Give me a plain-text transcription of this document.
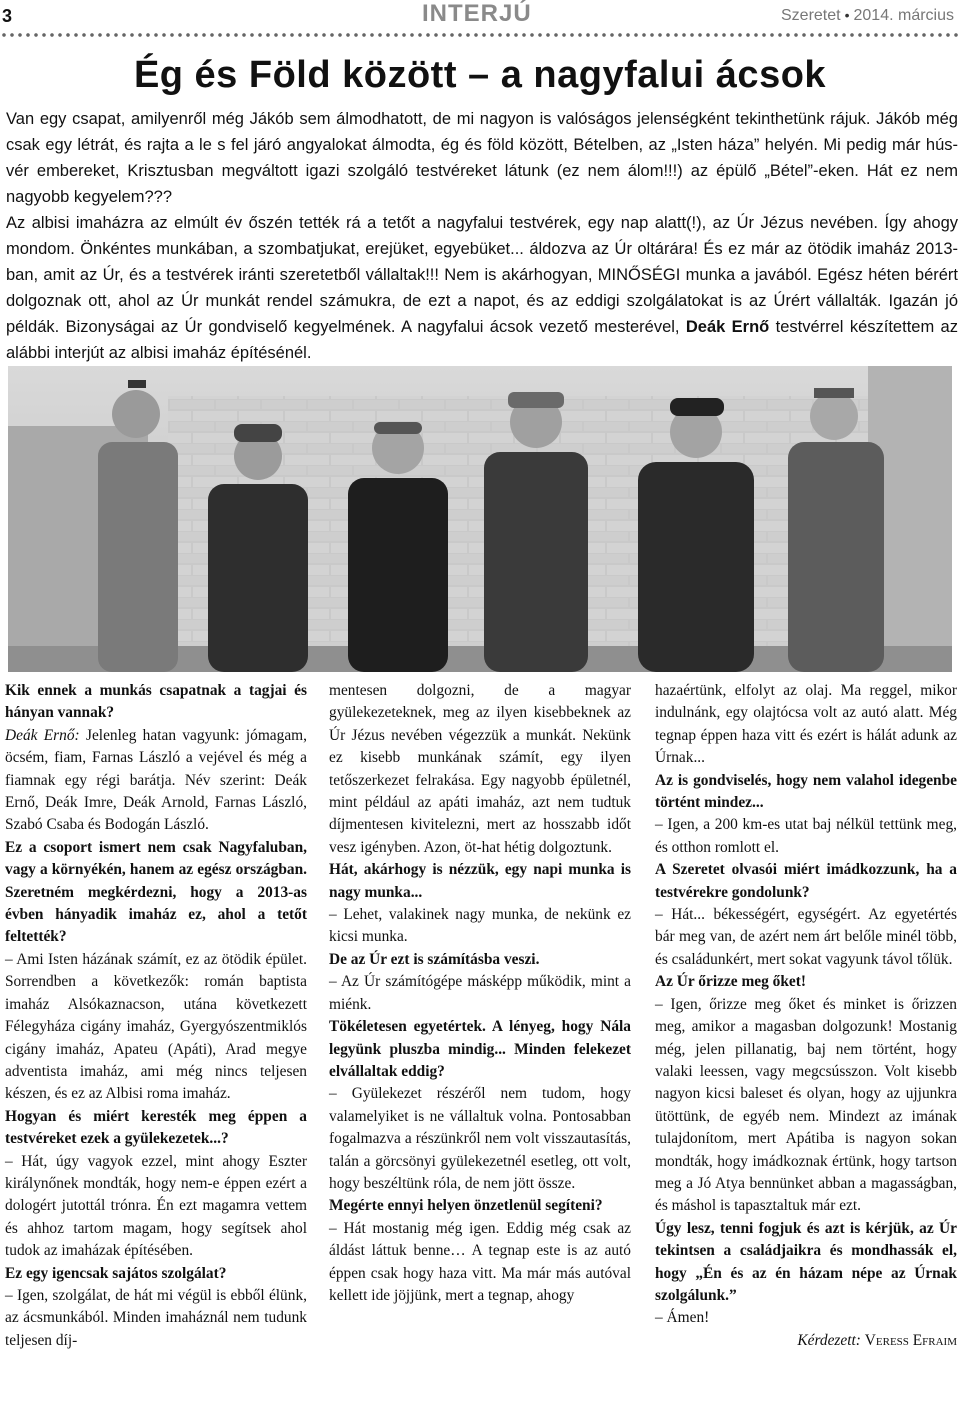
3	INTERJÚ	Szeretet • 2014. március
Ég és Föld között – a nagyfalui ácsok
Van egy csapat, amilyenről még Jákób sem álmodhatott, de mi nagyon is valóságos jelenségként tekinthetünk rájuk. Jákób még csak egy létrát, és rajta a le s fel járó angyalokat álmodta, ég és föld között, Bételben, az „Isten háza” helyén. Mi pedig már hús-vér embereket, Krisztusban megváltott igazi szolgáló testvéreket látunk (ez nem álom!!!) az épülő „Bétel”-eken. Hát ez nem nagyobb kegyelem???
Az albisi imaházra az elmúlt év őszén tették rá a tetőt a nagyfalui testvérek, egy nap alatt(!), az Úr Jézus nevében. Így ahogy mondom. Önkéntes munkában, a szombatjukat, erejüket, egyebüket... áldozva az Úr oltárára! És ez már az ötödik imaház 2013-ban, amit az Úr, és a testvérek iránti szeretetből vállaltak!!! Nem is akárhogyan, MINŐSÉGI munka a javából. Egész héten bérért dolgoznak ott, ahol az Úr munkát rendel számukra, de ezt a napot, és az eddigi szolgálatokat is az Úrért vállalták. Igazán jó példák. Bizonyságai az Úr gondviselő kegyelmének. A nagyfalui ácsok vezető mesterével, Deák Ernő testvérrel készítettem az alábbi interjút az albisi imaház építésénél.

Kik ennek a munkás csapatnak a tagjai és hányan vannak?

Deák Ernő: Jelenleg hatan vagyunk: jómagam, öcsém, fiam, Farnas László a vejével és még a fiamnak egy régi barátja. Név szerint: Deák Ernő, Deák Imre, Deák Arnold, Farnas László, Szabó Csaba és Bodogán László.

Ez a csoport ismert nem csak Nagyfaluban, vagy a környékén, hanem az egész országban. Szeretném megkérdezni, hogy a 2013-as évben hányadik imaház ez, ahol a tetőt feltették?

– Ami Isten házának számít, ez az ötödik épület. Sorrendben a következők: román baptista imaház Alsókaznacson, utána következett Félegyháza cigány imaház, Gyergyószentmiklós cigány imaház, Apateu (Apáti), Arad megye adventista imaház, ami még nincs teljesen készen, és ez az Albisi roma imaház.

Hogyan és miért keresték meg éppen a testvéreket ezek a gyülekezetek...?

– Hát, úgy vagyok ezzel, mint ahogy Eszter királynőnek mondták, hogy nem-e éppen ezért a dologért jutottál trónra. Én ezt magamra vettem és ahhoz tartom magam, hogy segítsek ahol tudok az imaházak építésében.

Ez egy igencsak sajátos szolgálat?

– Igen, szolgálat, de hát mi végül is ebből élünk, az ácsmunkából. Minden imaháznál nem tudunk teljesen díj-

mentesen dolgozni, de a magyar gyülekezeteknek, meg az ilyen kisebbeknek az Úr Jézus nevében végezzük a munkát. Nekünk ez kisebb munkának számít, egy ilyen tetőszerkezet felrakása. Egy nagyobb épületnél, mint például az apáti imaház, azt nem tudtuk díjmentesen kivitelezni, mert az hosszabb időt vesz igényben. Azon, öt-hat hétig dolgoztunk.

Hát, akárhogy is nézzük, egy napi munka is nagy munka...

– Lehet, valakinek nagy munka, de nekünk ez kicsi munka.

De az Úr ezt is számításba veszi.

– Az Úr számítógépe másképp működik, mint a miénk.

Tökéletesen egyetértek. A lényeg, hogy Nála legyünk pluszba mindig... Minden felekezet elvállaltak eddig?

– Gyülekezet részéről nem tudom, hogy valamelyiket is ne vállaltuk volna. Pontosabban fogalmazva a részünkről nem volt visszautasítás, talán a görcsönyi gyülekezetnél esetleg, ott volt, hogy beszéltünk róla, de nem jött össze.

Megérte ennyi helyen önzetlenül segíteni?

– Hát mostanig még igen. Eddig még csak az áldást láttuk benne… A tegnap este is az autó éppen csak hogy haza vitt. Ma már más autóval kellett ide jöjjünk, mert a tegnap, ahogy

hazaértünk, elfolyt az olaj. Ma reggel, mikor indulnánk, egy olajtócsa volt az autó alatt. Még tegnap éppen haza vitt és ezért is hálát adunk az Úrnak...

Az is gondviselés, hogy nem valahol idegenbe történt mindez...

– Igen, a 200 km-es utat baj nélkül tettünk meg, és otthon romlott el.

A Szeretet olvasói miért imádkozzunk, ha a testvérekre gondolunk?

– Hát... békességért, egységért. Az egyetértés bár meg van, de azért nem árt belőle minél több, és családunkért, mert sokat vagyunk távol tőlük.

Az Úr őrizze meg őket!

– Igen, őrizze meg őket és minket is őrizzen meg, amikor a magasban dolgozunk! Mostanig még, jelen pillanatig, baj nem történt, hogy valaki leessen, vagy megcsússzon. Volt kisebb nagyon kicsi baleset és olyan, hogy az ujjunkra ütöttünk, de egyéb nem. Mindezt az imának tulajdonítom, mert Apátiba is nagyon sokan mondták, hogy imádkoznak értünk, hogy tartson meg a Jó Atya bennünket abban a magasságban, és máshol is tapasztaltuk már ezt.

Úgy lesz, tenni fogjuk és azt is kérjük, az Úr tekintsen a családjaikra és mondhassák el, hogy „Én és az én házam népe az Úrnak szolgálunk.”

– Ámen!

Kérdezett: Veress Efraim
